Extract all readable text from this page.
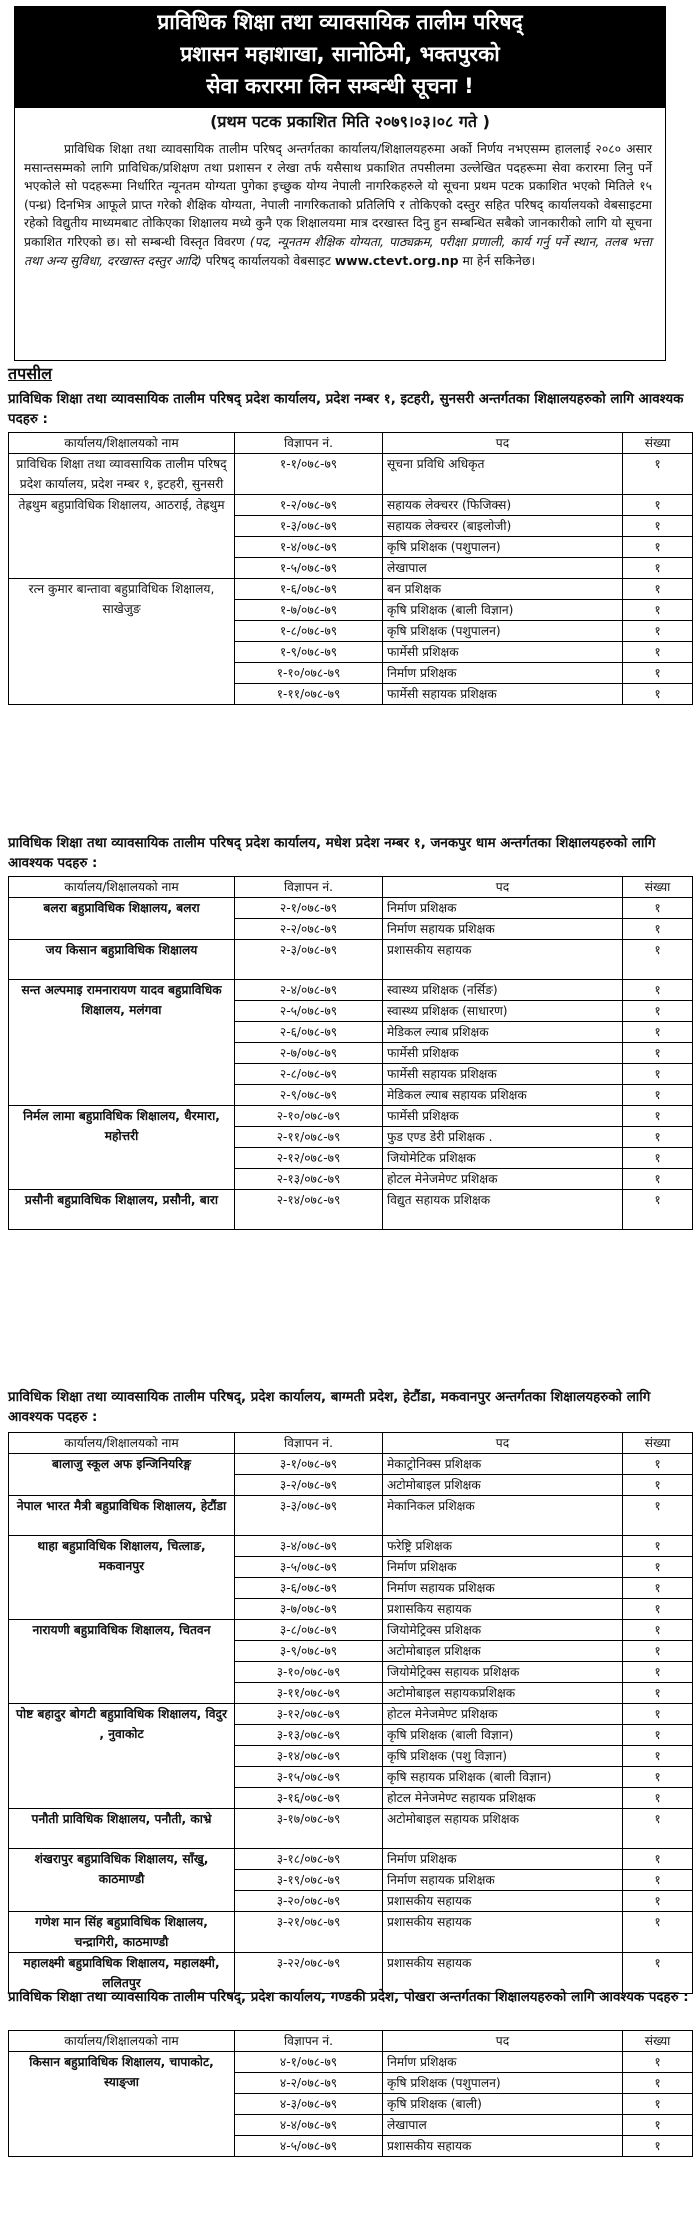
प्राविधिक शिक्षा तथा व्यावसायिक तालीम परिषद्
प्रशासन महाशाखा, सानोठिमी, भक्तपुरको
सेवा करारमा लिन सम्बन्धी सूचना !
(प्रथम पटक प्रकाशित मिति २०७९।०३।०८ गते )
प्राविधिक शिक्षा तथा व्यावसायिक तालीम परिषद् अन्तर्गतका कार्यालय/शिक्षालयहरुमा अर्को निर्णय नभएसम्म हाललाई २०८० असार मसान्तसम्मको लागि प्राविधिक/प्रशिक्षण तथा प्रशासन र लेखा तर्फ यसैसाथ प्रकाशित तपसीलमा उल्लेखित पदहरूमा सेवा करारमा लिनु पर्ने भएकोले सो पदहरूमा निर्धारित न्यूनतम योग्यता पुगेका इच्छुक योग्य नेपाली नागरिकहरुले यो सूचना प्रथम पटक प्रकाशित भएको मितिले १५ (पन्ध्र) दिनभित्र आफूले प्राप्त गरेको शैक्षिक योग्यता, नेपाली नागरिकताको प्रतिलिपि र तोकिएको दस्तुर सहित परिषद् कार्यालयको वेबसाइटमा रहेको विद्युतीय माध्यमबाट तोकिएका शिक्षालय मध्ये कुनै एक शिक्षालयमा मात्र दरखास्त दिनु हुन सम्बन्धित सबैको जानकारीको लागि यो सूचना प्रकाशित गरिएको छ। सो सम्बन्धी विस्तृत विवरण (पद, न्यूनतम शैक्षिक योग्यता, पाठ्यक्रम, परीक्षा प्रणाली, कार्य गर्नु पर्ने स्थान, तलब भत्ता तथा अन्य सुविधा, दरखास्त दस्तुर आदि) परिषद् कार्यालयको वेबसाइट www.ctevt.org.np मा हेर्न सकिनेछ।
तपसील
प्राविधिक शिक्षा तथा व्यावसायिक तालीम परिषद् प्रदेश कार्यालय, प्रदेश नम्बर १, इटहरी, सुनसरी अन्तर्गतका शिक्षालयहरुको लागि आवश्यक पदहरु :
कार्यालय/शिक्षालयको नाम	विज्ञापन नं.	पद	संख्या
प्राविधिक शिक्षा तथा व्यावसायिक तालीम परिषद् प्रदेश कार्यालय, प्रदेश नम्बर १, इटहरी, सुनसरी	१-१/०७८-७९	सूचना प्रविधि अधिकृत	१
तेह्रथुम बहुप्राविधिक शिक्षालय, आठराई, तेह्रथुम	१-२/०७८-७९	सहायक लेक्चरर (फिजिक्स)	१
	१-३/०७८-७९	सहायक लेक्चरर (बाइलोजी)	१
	१-४/०७८-७९	कृषि प्रशिक्षक (पशुपालन)	१
	१-५/०७८-७९	लेखापाल	१
रत्न कुमार बान्तावा बहुप्राविधिक शिक्षालय, साखेजुङ	१-६/०७८-७९	बन प्रशिक्षक	१
	१-७/०७८-७९	कृषि प्रशिक्षक (बाली विज्ञान)	१
	१-८/०७८-७९	कृषि प्रशिक्षक (पशुपालन)	१
	१-९/०७८-७९	फार्मेसी प्रशिक्षक	१
	१-१०/०७८-७९	निर्माण प्रशिक्षक	१
	१-११/०७८-७९	फार्मेसी सहायक प्रशिक्षक	१
प्राविधिक शिक्षा तथा व्यावसायिक तालीम परिषद् प्रदेश कार्यालय, मधेश प्रदेश नम्बर १, जनकपुर धाम अन्तर्गतका शिक्षालयहरुको लागि आवश्यक पदहरु :
कार्यालय/शिक्षालयको नाम	विज्ञापन नं.	पद	संख्या
बलरा बहुप्राविधिक शिक्षालय, बलरा	२-१/०७८-७९	निर्माण प्रशिक्षक	१
	२-२/०७८-७९	निर्माण सहायक प्रशिक्षक	१
जय किसान बहुप्राविधिक शिक्षालय	२-३/०७८-७९	प्रशासकीय सहायक	१
सन्त अल्पमाइ रामनारायण यादव बहुप्राविधिक शिक्षालय, मलंगवा	२-४/०७८-७९	स्वास्थ्य प्रशिक्षक (नर्सिङ)	१
	२-५/०७८-७९	स्वास्थ्य प्रशिक्षक (साधारण)	१
	२-६/०७८-७९	मेडिकल ल्याब प्रशिक्षक	१
	२-७/०७८-७९	फार्मेसी प्रशिक्षक	१
	२-८/०७८-७९	फार्मेसी सहायक प्रशिक्षक	१
	२-९/०७८-७९	मेडिकल ल्याब सहायक प्रशिक्षक	१
निर्मल लामा बहुप्राविधिक शिक्षालय, धैरमारा, महोत्तरी	२-१०/०७८-७९	फार्मेसी प्रशिक्षक	१
	२-११/०७८-७९	फुड एण्ड डेरी प्रशिक्षक .	१
	२-१२/०७८-७९	जियोमेटिक प्रशिक्षक	१
	२-१३/०७८-७९	होटल मेनेजमेण्ट प्रशिक्षक	१
प्रसौनी बहुप्राविधिक शिक्षालय, प्रसौनी, बारा	२-१४/०७८-७९	विद्युत सहायक प्रशिक्षक	१
प्राविधिक शिक्षा तथा व्यावसायिक तालीम परिषद्, प्रदेश कार्यालय, बाग्मती प्रदेश, हेटौंडा, मकवानपुर अन्तर्गतका शिक्षालयहरुको लागि आवश्यक पदहरु :
कार्यालय/शिक्षालयको नाम	विज्ञापन नं.	पद	संख्या
बालाजु स्कूल अफ इन्जिनियरिङ्ग	३-१/०७८-७९	मेकाट्रोनिक्स प्रशिक्षक	१
	३-२/०७८-७९	अटोमोबाइल प्रशिक्षक	१
नेपाल भारत मैत्री बहुप्राविधिक शिक्षालय, हेटौंडा	३-३/०७८-७९	मेकानिकल प्रशिक्षक	१
थाहा बहुप्राविधिक शिक्षालय, चित्लाङ, मकवानपुर	३-४/०७८-७९	फरेष्ट्रि प्रशिक्षक	१
	३-५/०७८-७९	निर्माण प्रशिक्षक	१
	३-६/०७८-७९	निर्माण सहायक प्रशिक्षक	१
	३-७/०७८-७९	प्रशासकिय सहायक	१
नारायणी बहुप्राविधिक शिक्षालय, चितवन	३-८/०७८-७९	जियोमेट्रिक्स प्रशिक्षक	१
	३-९/०७८-७९	अटोमोबाइल प्रशिक्षक	१
	३-१०/०७८-७९	जियोमेट्रिक्स सहायक प्रशिक्षक	१
	३-११/०७८-७९	अटोमोबाइल सहायकप्रशिक्षक	१
पोष्ट बहादुर बोगटी बहुप्राविधिक शिक्षालय, विदुर , नुवाकोट	३-१२/०७८-७९	होटल मेनेजमेण्ट प्रशिक्षक	१
	३-१३/०७८-७९	कृषि प्रशिक्षक (बाली विज्ञान)	१
	३-१४/०७८-७९	कृषि प्रशिक्षक (पशु विज्ञान)	१
	३-१५/०७८-७९	कृषि सहायक प्रशिक्षक (बाली विज्ञान)	१
	३-१६/०७८-७९	होटल मेनेजमेण्ट सहायक प्रशिक्षक	१
पनौती प्राविधिक शिक्षालय, पनौती, काभ्रे	३-१७/०७८-७९	अटोमोबाइल सहायक प्रशिक्षक	१
शंखरापुर बहुप्राविधिक शिक्षालय, साँखु, काठमाण्डौ	३-१८/०७८-७९	निर्माण प्रशिक्षक	१
	३-१९/०७८-७९	निर्माण सहायक प्रशिक्षक	१
	३-२०/०७८-७९	प्रशासकीय सहायक	१
गणेश मान सिंह बहुप्राविधिक शिक्षालय, चन्द्रागिरी, काठमाण्डौ	३-२१/०७८-७९	प्रशासकीय सहायक	१
महालक्ष्मी बहुप्राविधिक शिक्षालय, महालक्ष्मी, ललितपुर	३-२२/०७८-७९	प्रशासकीय सहायक	१
प्राविधिक शिक्षा तथा व्यावसायिक तालीम परिषद्, प्रदेश कार्यालय, गण्डकी प्रदेश, पोखरा अन्तर्गतका शिक्षालयहरुको लागि आवश्यक पदहरु :
कार्यालय/शिक्षालयको नाम	विज्ञापन नं.	पद	संख्या
किसान बहुप्राविधिक शिक्षालय, चापाकोट, स्याङ्जा	४-१/०७८-७९	निर्माण प्रशिक्षक	१
	४-२/०७८-७९	कृषि प्रशिक्षक (पशुपालन)	१
	४-३/०७८-७९	कृषि प्रशिक्षक (बाली)	१
	४-४/०७८-७९	लेखापाल	१
	४-५/०७८-७९	प्रशासकीय सहायक	१
